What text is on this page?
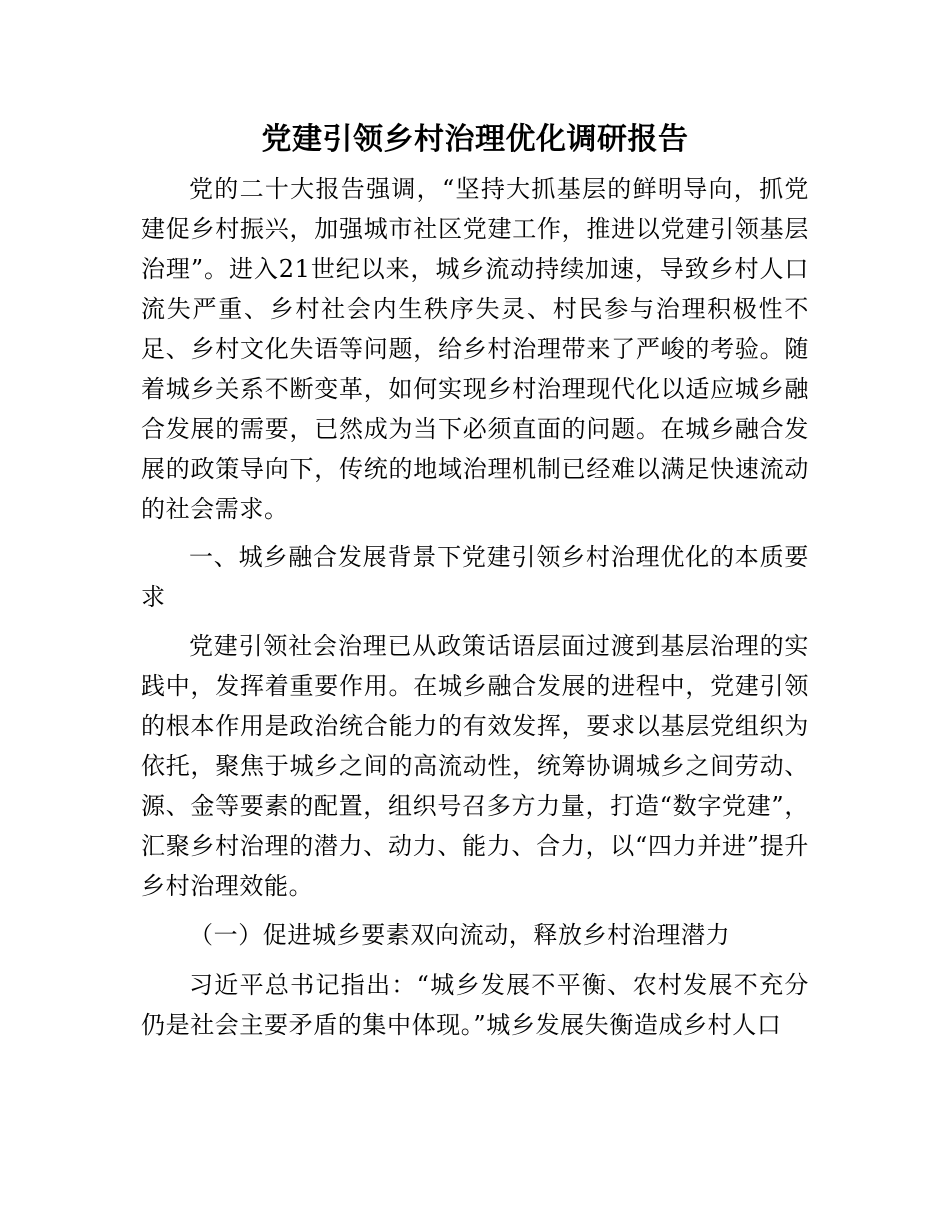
党建引领乡村治理优化调研报告

党的二十大报告强调，“坚持大抓基层的鲜明导向，抓党建促乡村振兴，加强城市社区党建工作，推进以党建引领基层治理”。进入21世纪以来，城乡流动持续加速，导致乡村人口流失严重、乡村社会内生秩序失灵、村民参与治理积极性不足、乡村文化失语等问题，给乡村治理带来了严峻的考验。随着城乡关系不断变革，如何实现乡村治理现代化以适应城乡融合发展的需要，已然成为当下必须直面的问题。在城乡融合发展的政策导向下，传统的地域治理机制已经难以满足快速流动的社会需求。

一、城乡融合发展背景下党建引领乡村治理优化的本质要求

党建引领社会治理已从政策话语层面过渡到基层治理的实践中，发挥着重要作用。在城乡融合发展的进程中，党建引领的根本作用是政治统合能力的有效发挥，要求以基层党组织为依托，聚焦于城乡之间的高流动性，统筹协调城乡之间劳动、源、金等要素的配置，组织号召多方力量，打造“数字党建”，汇聚乡村治理的潜力、动力、能力、合力，以“四力并进”提升乡村治理效能。

（一）促进城乡要素双向流动，释放乡村治理潜力

习近平总书记指出：“城乡发展不平衡、农村发展不充分仍是社会主要矛盾的集中体现。”城乡发展失衡造成乡村人口
